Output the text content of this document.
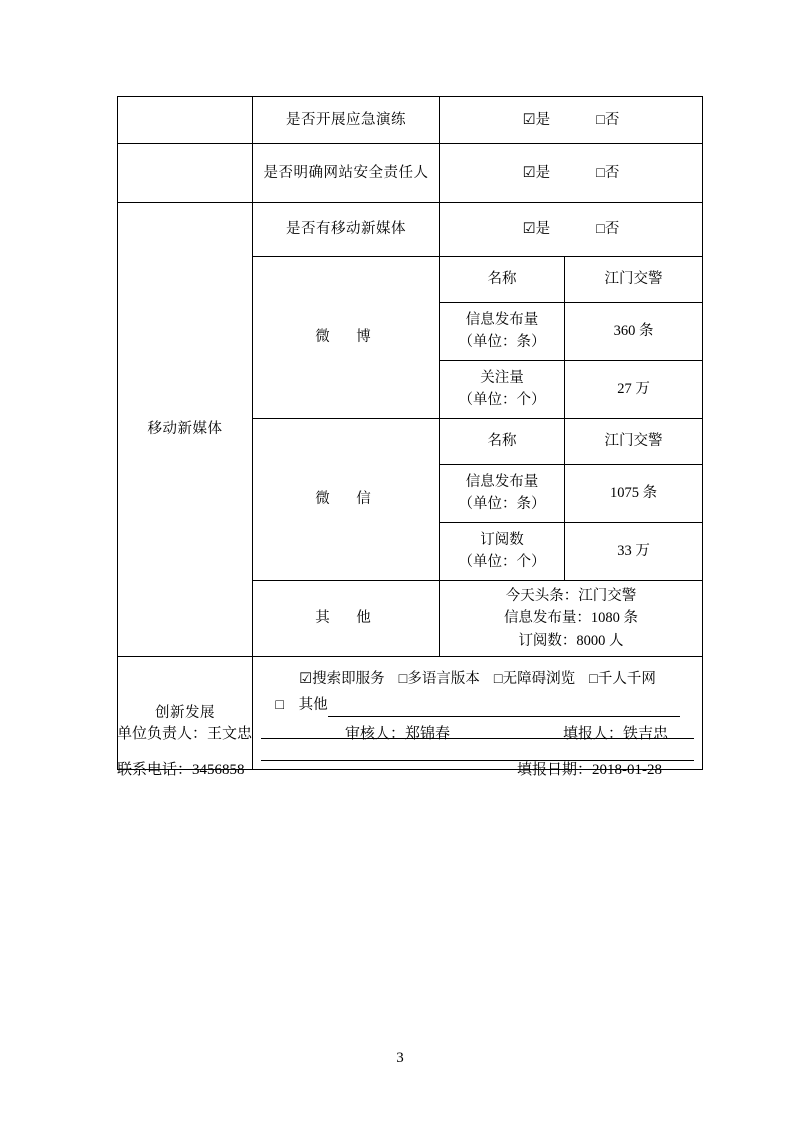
	是否开展应急演练	☑是 □否	

	是否明确网站安全责任人	☑是 □否	

移动新媒体	是否有移动新媒体	☑是 □否	

	微　博	名称	江门交警

		信息发布量
（单位：条）	360 条

		关注量
（单位：个）	27 万
	微　信	名称	江门交警

		信息发布量
（单位：条）	1075 条

		订阅数
（单位：个）	33 万
	其　他	今天头条：江门交警
信息发布量：1080 条
订阅数：8000 人	

创新发展	☑搜索即服务 □多语言版本 □无障碍浏览 □千人千网
□　其他		
单位负责人：王文忠	审核人：郑锦春	填报人：铁吉忠
联系电话：3456858	填报日期：2018-01-28
3
